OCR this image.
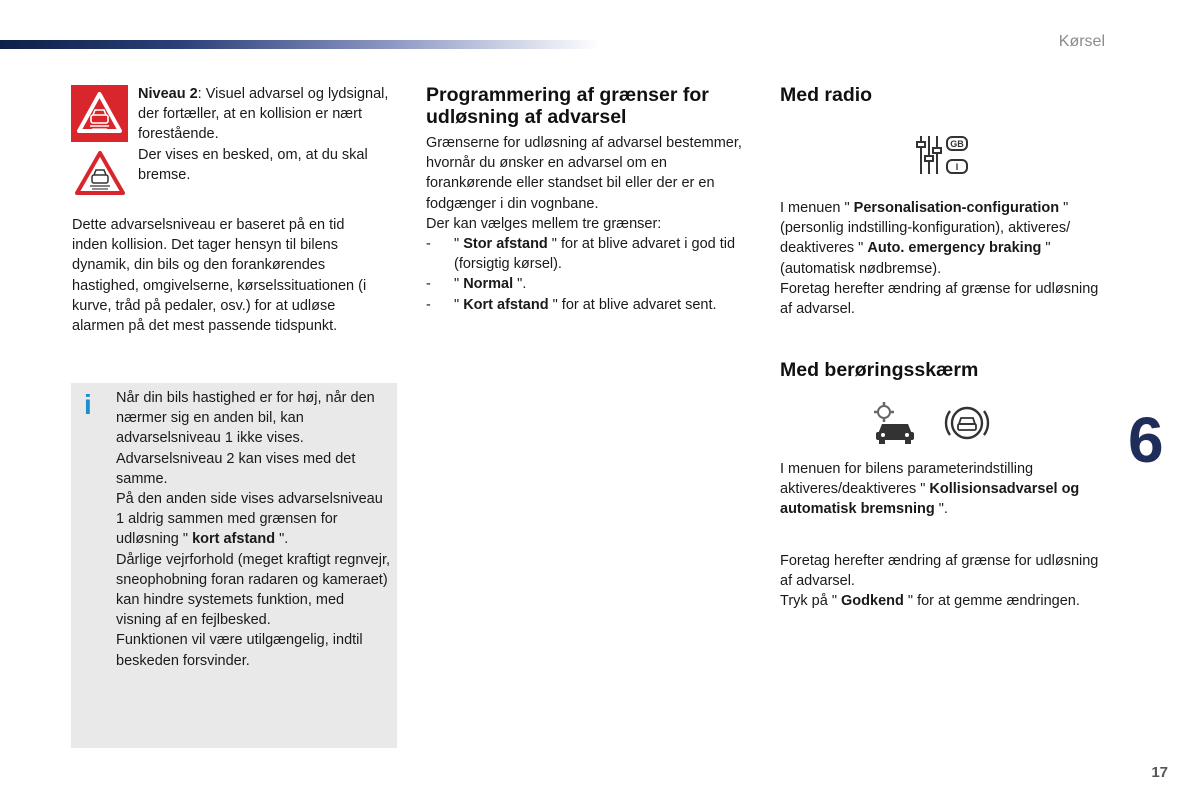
Kørsel
6
17

Niveau 2: Visuel advarsel og lydsignal, der fortæller, at en kollision er nært forestående.

Der vises en besked, om, at du skal bremse.

Dette advarselsniveau er baseret på en tid inden kollision. Det tager hensyn til bilens dynamik, din bils og den forankørendes hastighed, omgivelserne, kørselssituationen (i kurve, tråd på pedaler, osv.) for at udløse alarmen på det mest passende tidspunkt.

i	Når din bils hastighed er for høj, når den nærmer sig en anden bil, kan advarselsniveau 1 ikke vises.

Advarselsniveau 2 kan vises med det samme.

På den anden side vises advarselsniveau 1 aldrig sammen med grænsen for udløsning " kort afstand ".

Dårlige vejrforhold (meget kraftigt regnvejr, sneophobning foran radaren og kameraet) kan hindre systemets funktion, med visning af en fejlbesked.

Funktionen vil være utilgængelig, indtil beskeden forsvinder.

Programmering af grænser for udløsning af advarsel

Grænserne for udløsning af advarsel bestemmer, hvornår du ønsker en advarsel om en forankørende eller standset bil eller der er en fodgænger i din vognbane.

Der kan vælges mellem tre grænser:

- " Stor afstand " for at blive advaret i god tid (forsigtig kørsel).
- " Normal ".
- " Kort afstand " for at blive advaret sent.
Med radio
GB
I

I menuen " Personalisation-configuration " (personlig indstilling-konfiguration), aktiveres/ deaktiveres " Auto. emergency braking " (automatisk nødbremse).

Foretag herefter ændring af grænse for udløsning af advarsel.

Med berøringsskærm

I menuen for bilens parameterindstilling aktiveres/deaktiveres " Kollisionsadvarsel og automatisk bremsning ".

Foretag herefter ændring af grænse for udløsning af advarsel.

Tryk på " Godkend " for at gemme ændringen.
